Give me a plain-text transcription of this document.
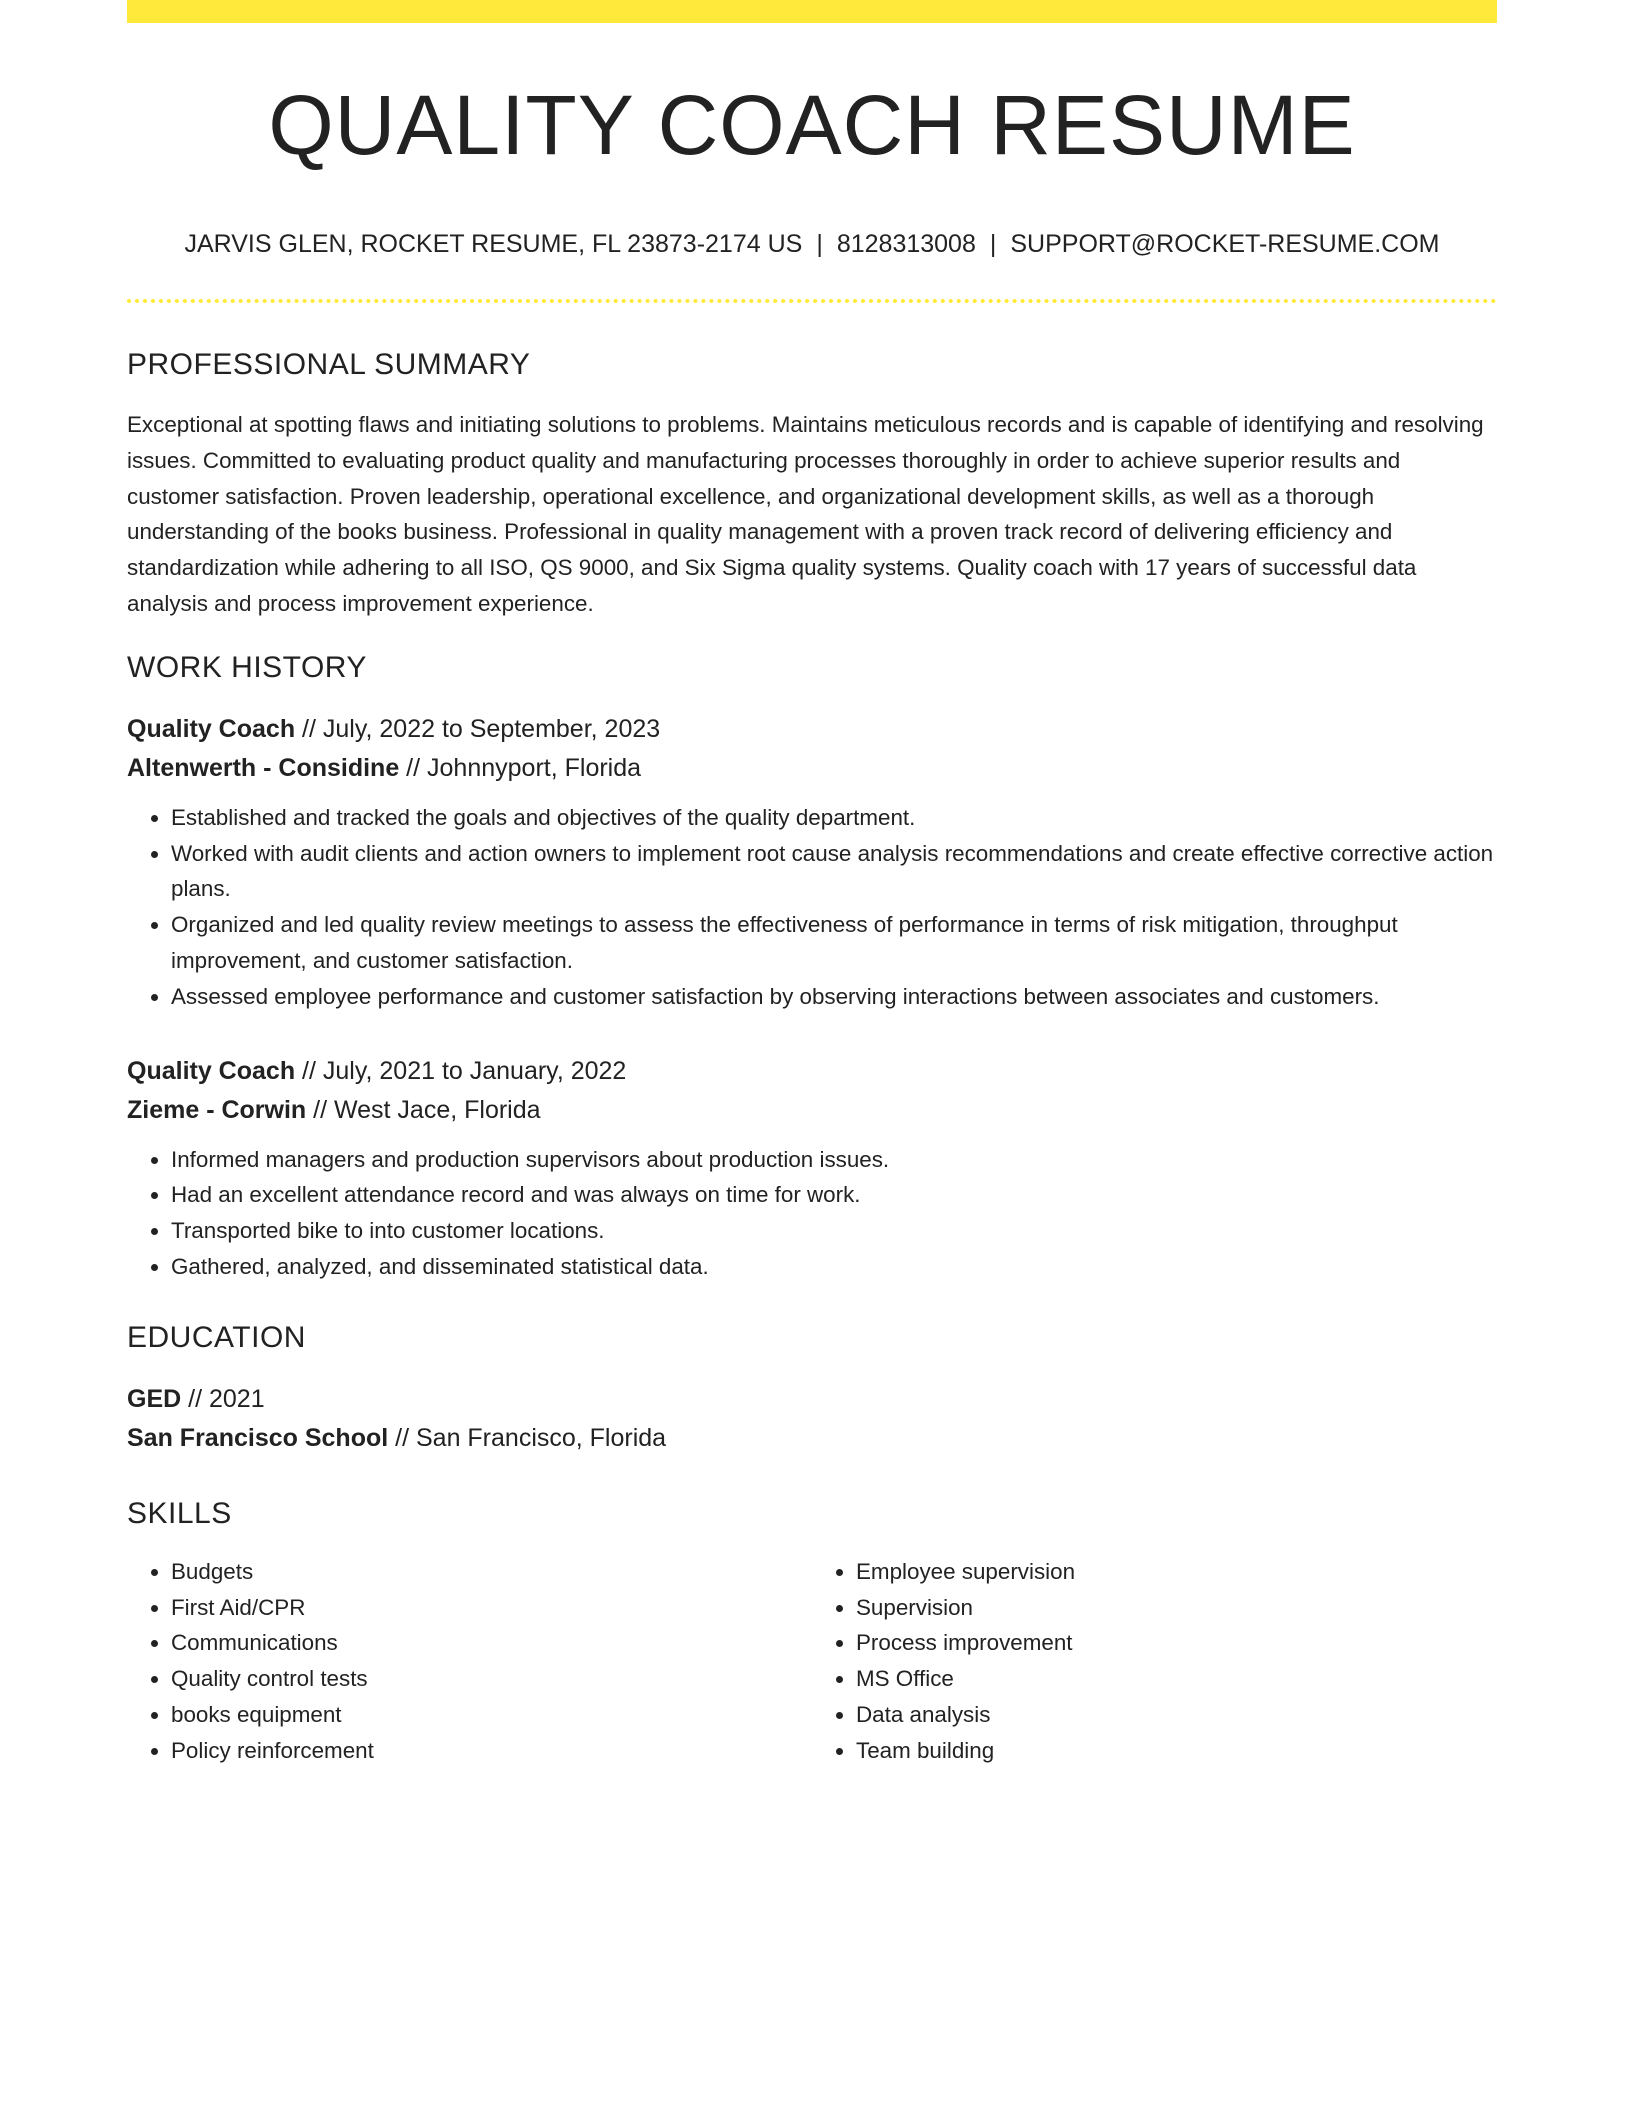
QUALITY COACH RESUME
JARVIS GLEN, ROCKET RESUME, FL 23873-2174 US | 8128313008 | SUPPORT@ROCKET-RESUME.COM
PROFESSIONAL SUMMARY

Exceptional at spotting flaws and initiating solutions to problems. Maintains meticulous records and is capable of identifying and resolving issues. Committed to evaluating product quality and manufacturing processes thoroughly in order to achieve superior results and customer satisfaction. Proven leadership, operational excellence, and organizational development skills, as well as a thorough understanding of the books business. Professional in quality management with a proven track record of delivering efficiency and standardization while adhering to all ISO, QS 9000, and Six Sigma quality systems. Quality coach with 17 years of successful data analysis and process improvement experience.

WORK HISTORY
Quality Coach // July, 2022 to September, 2023
Altenwerth - Considine // Johnnyport, Florida
• Established and tracked the goals and objectives of the quality department.
• Worked with audit clients and action owners to implement root cause analysis recommendations and create effective corrective action plans.
• Organized and led quality review meetings to assess the effectiveness of performance in terms of risk mitigation, throughput improvement, and customer satisfaction.
• Assessed employee performance and customer satisfaction by observing interactions between associates and customers.
Quality Coach // July, 2021 to January, 2022
Zieme - Corwin // West Jace, Florida
• Informed managers and production supervisors about production issues.
• Had an excellent attendance record and was always on time for work.
• Transported bike to into customer locations.
• Gathered, analyzed, and disseminated statistical data.
EDUCATION
GED // 2021
San Francisco School // San Francisco, Florida
SKILLS
• Budgets
• First Aid/CPR
• Communications
• Quality control tests
• books equipment
• Policy reinforcement
• Employee supervision
• Supervision
• Process improvement
• MS Office
• Data analysis
• Team building
